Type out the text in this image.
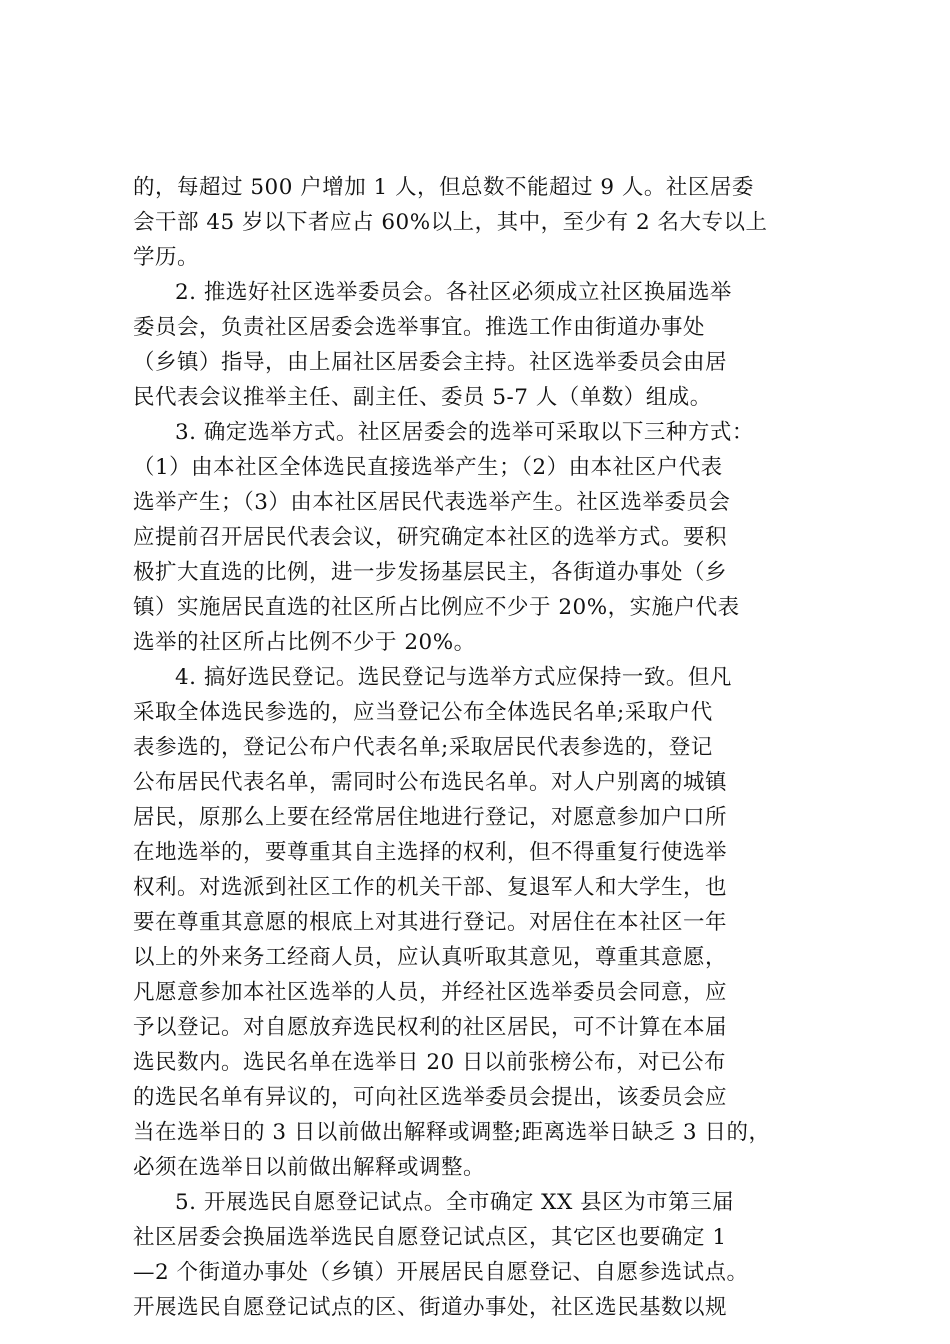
的，每超过 500 户增加 1 人，但总数不能超过 9 人。社区居委
会干部 45 岁以下者应占 60%以上，其中，至少有 2 名大专以上
学历。
2. 推选好社区选举委员会。各社区必须成立社区换届选举
委员会，负责社区居委会选举事宜。推选工作由街道办事处
（乡镇）指导，由上届社区居委会主持。社区选举委员会由居
民代表会议推举主任、副主任、委员 5-7 人（单数）组成。
3. 确定选举方式。社区居委会的选举可采取以下三种方式：
（1）由本社区全体选民直接选举产生；（2）由本社区户代表
选举产生；（3）由本社区居民代表选举产生。社区选举委员会
应提前召开居民代表会议，研究确定本社区的选举方式。要积
极扩大直选的比例，进一步发扬基层民主，各街道办事处（乡
镇）实施居民直选的社区所占比例应不少于 20%，实施户代表
选举的社区所占比例不少于 20%。
4. 搞好选民登记。选民登记与选举方式应保持一致。但凡
采取全体选民参选的，应当登记公布全体选民名单;采取户代
表参选的，登记公布户代表名单;采取居民代表参选的，登记
公布居民代表名单，需同时公布选民名单。对人户别离的城镇
居民，原那么上要在经常居住地进行登记，对愿意参加户口所
在地选举的，要尊重其自主选择的权利，但不得重复行使选举
权利。对选派到社区工作的机关干部、复退军人和大学生，也
要在尊重其意愿的根底上对其进行登记。对居住在本社区一年
以上的外来务工经商人员，应认真听取其意见，尊重其意愿，
凡愿意参加本社区选举的人员，并经社区选举委员会同意，应
予以登记。对自愿放弃选民权利的社区居民，可不计算在本届
选民数内。选民名单在选举日 20 日以前张榜公布，对已公布
的选民名单有异议的，可向社区选举委员会提出，该委员会应
当在选举日的 3 日以前做出解释或调整;距离选举日缺乏 3 日的，
必须在选举日以前做出解释或调整。
5. 开展选民自愿登记试点。全市确定 XX 县区为市第三届
社区居委会换届选举选民自愿登记试点区，其它区也要确定 1
—2 个街道办事处（乡镇）开展居民自愿登记、自愿参选试点。
开展选民自愿登记试点的区、街道办事处，社区选民基数以规
